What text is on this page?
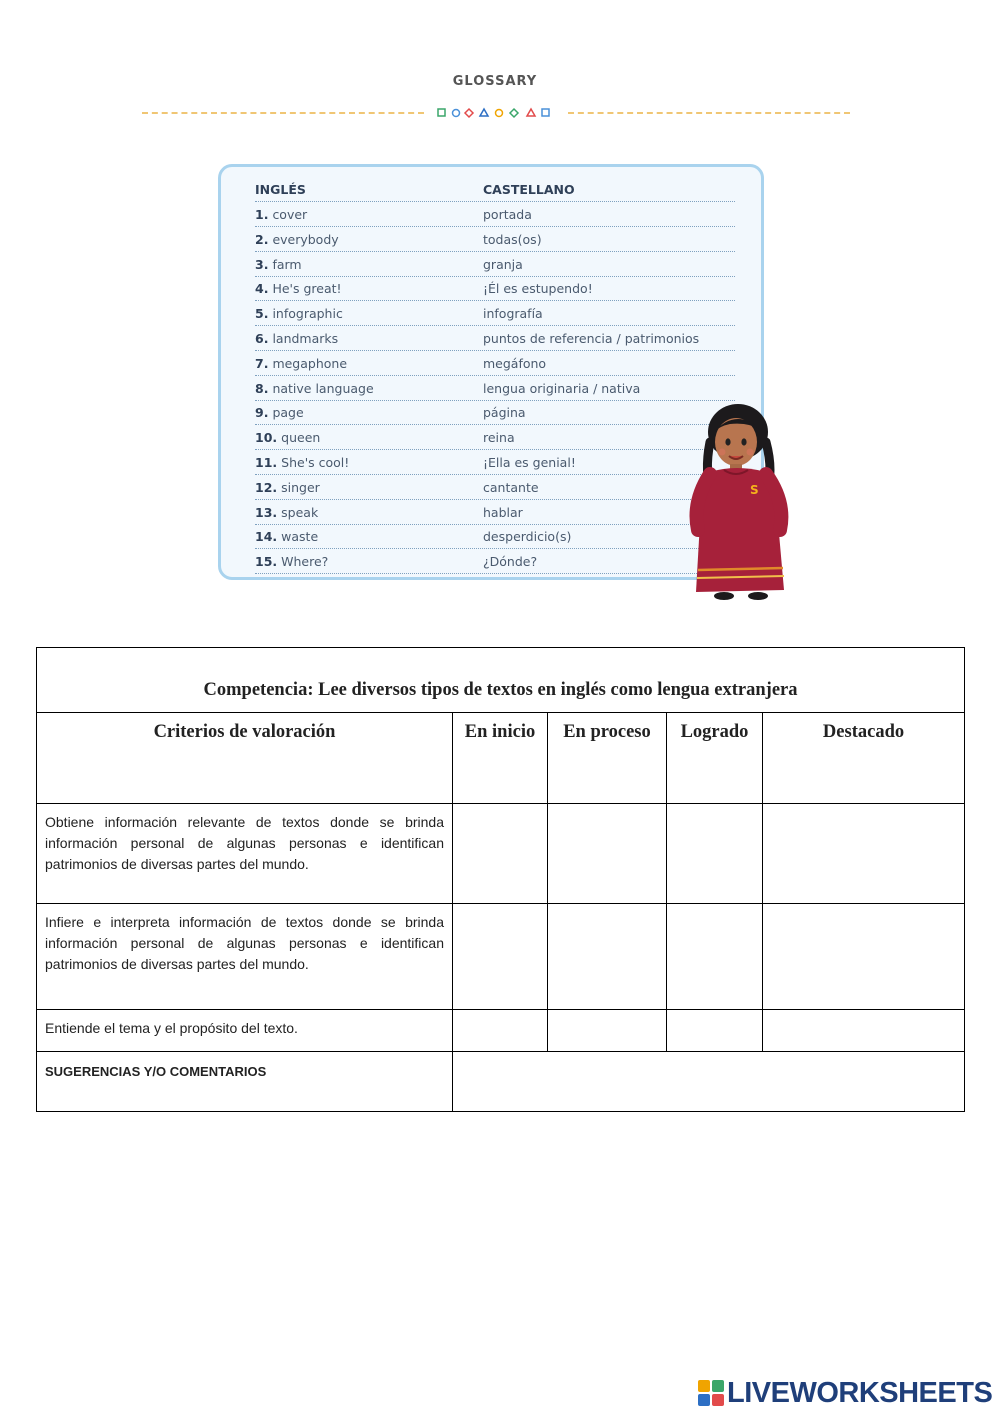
GLOSSARY
INGLÉS	CASTELLANO
1. cover	portada
2. everybody	todas(os)
3. farm	granja
4. He's great!	¡Él es estupendo!
5. infographic	infografía
6. landmarks	puntos de referencia / patrimonios
7. megaphone	megáfono
8. native language	lengua originaria / nativa
9. page	página
10. queen	reina
11. She's cool!	¡Ella es genial!
12. singer	cantante
13. speak	hablar
14. waste	desperdicio(s)
15. Where?	¿Dónde?
S
Competencia: Lee diversos tipos de textos en inglés como lengua extranjera				
Criterios de valoración	En inicio	En proceso	Logrado	Destacado
Obtiene información relevante de textos donde se brinda información personal de algunas personas e identifican patrimonios de diversas partes del mundo.				
Infiere e interpreta información de textos donde se brinda información personal de algunas personas e identifican patrimonios de diversas partes del mundo.				
Entiende el tema y el propósito del texto.				
SUGERENCIAS Y/O COMENTARIOS				
LIVEWORKSHEETS
